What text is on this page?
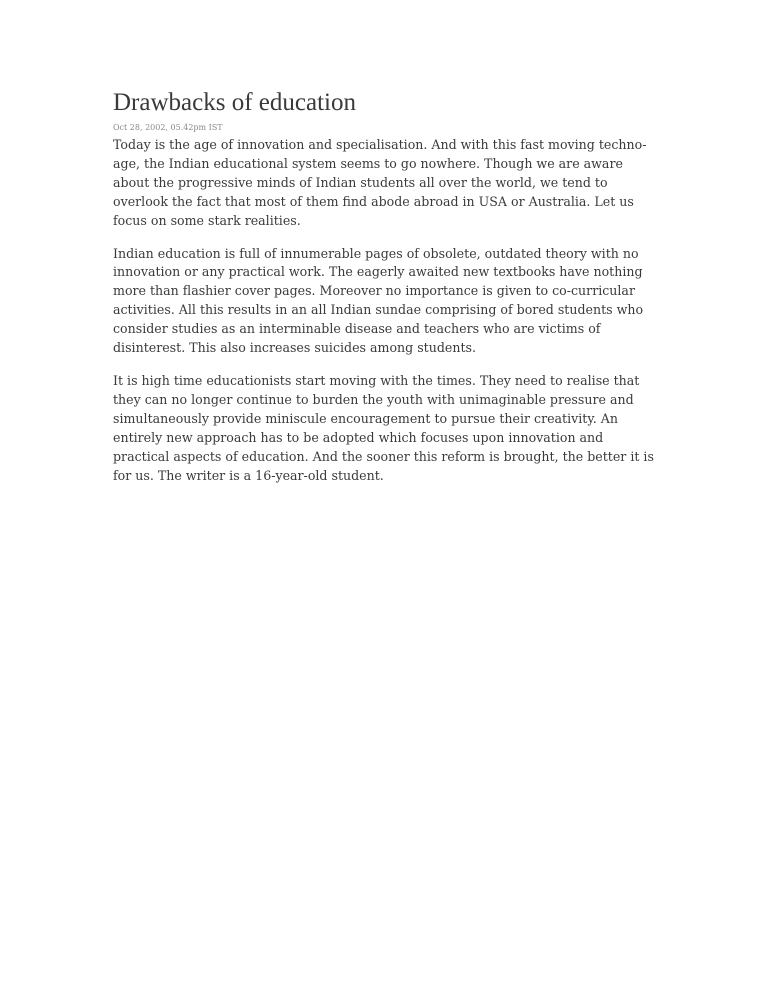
Drawbacks of education
Oct 28, 2002, 05.42pm IST

Today is the age of innovation and specialisation. And with this fast moving techno-age, the Indian educational system seems to go nowhere. Though we are aware about the progressive minds of Indian students all over the world, we tend to overlook the fact that most of them find abode abroad in USA or Australia. Let us focus on some stark realities.

Indian education is full of innumerable pages of obsolete, outdated theory with no innovation or any practical work. The eagerly awaited new textbooks have nothing more than flashier cover pages. Moreover no importance is given to co-curricular activities. All this results in an all Indian sundae comprising of bored students who consider studies as an interminable disease and teachers who are victims of disinterest. This also increases suicides among students.

It is high time educationists start moving with the times. They need to realise that they can no longer continue to burden the youth with unimaginable pressure and simultaneously provide miniscule encouragement to pursue their creativity. An entirely new approach has to be adopted which focuses upon innovation and practical aspects of education. And the sooner this reform is brought, the better it is for us. The writer is a 16-year-old student.
